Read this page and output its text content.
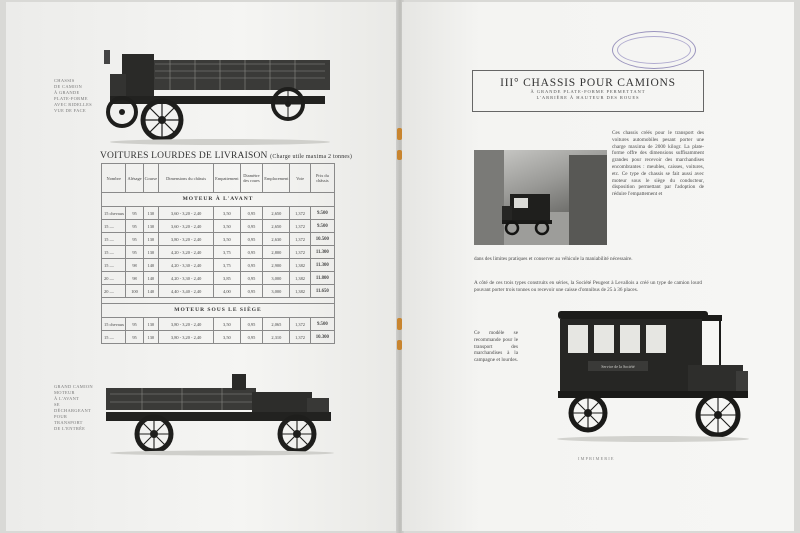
CHASSIS
DE CAMION
À GRANDE
PLATE-FORME
AVEC RIDELLES
VUE DE FACE
VOITURES LOURDES DE LIVRAISON (Charge utile maxima 2 tonnes)
Nombre	Alésage	Course	Dimensions du châssis	Empattement	Diamètre des roues	Emplacement	Voie	Prix du châssis
MOTEUR À L'AVANT								
15 chevaux	95	130	3,60 - 3,20 - 2,40	3,50	0,95	2,650	1,372	9.500
15 —	95	130	3,60 - 3,20 - 2,40	3,50	0,95	2,650	1,372	9.500
15 —	95	130	3,80 - 3,20 - 2,40	3,50	0,95	2,630	1,372	10.500
15 —	95	130	4,20 - 3,20 - 2,40	3,75	0,95	2,800	1,372	11.300
15 —	98	140	4,20 - 3,30 - 2,40	3,75	0,95	2,900	1,382	11.300
20 —	98	140	4,20 - 3,30 - 2,40	3,85	0,95	3,000	1,382	11.800
20 —	100	140	4,40 - 3,40 - 2,40	4,00	0,95	3,000	1,382	11.650

MOTEUR SOUS LE SIÈGE								
15 chevaux	95	130	3,80 - 3,20 - 2,40	3,50	0,95	2,065	1,372	9.500
15 —	95	130	3,80 - 3,20 - 2,40	3,50	0,95	2,310	1,372	10.300
GRAND CAMION
MOTEUR
À L'AVANT
SE DÉCHARGEANT
POUR
TRANSPORT
DE L'ENTRÉE
III° CHASSIS POUR CAMIONS
À GRANDE PLATE-FORME PERMETTANT
L'ARRIÈRE À HAUTEUR DES ROUES
Ces chassis créés pour le transport des voitures automobiles pesant porter une charge maxima de 2000 kilogr. La plate-forme offre des dimensions suffisamment grandes pour recevoir des marchandises encombrantes : meubles, caisses, voitures, etc. Ce type de chassis se fait aussi avec moteur sous le siège du conducteur, disposition permettant par l'adoption de réduire l'empattement et
dans des limites pratiques et conserver au véhicule la maniabilité nécessaire.
A côté de ces trois types construits en séries, la Société Peugeot à Levallois a créé un type de camion lourd pouvant porter trois tonnes ou recevoir une caisse d'omnibus de 25 à 36 places.
Ce modèle se recommande pour le transport des marchandises à la campagne et lourdes.
Service de la Société
IMPRIMERIE
